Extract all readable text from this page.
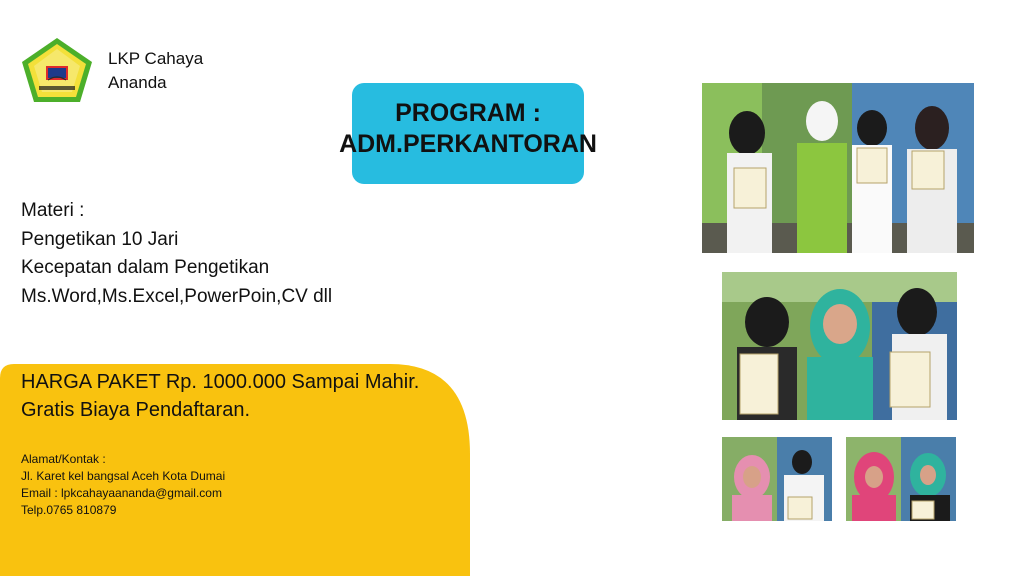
LKP Cahaya
Ananda
PROGRAM :
ADM.PERKANTORAN
Materi :
Pengetikan 10 Jari
Kecepatan dalam Pengetikan
Ms.Word,Ms.Excel,PowerPoin,CV dll
HARGA PAKET Rp. 1000.000 Sampai Mahir.
Gratis Biaya Pendaftaran.
Alamat/Kontak :
Jl. Karet kel bangsal Aceh Kota Dumai
Email : lpkcahayaananda@gmail.com
Telp.0765 810879
